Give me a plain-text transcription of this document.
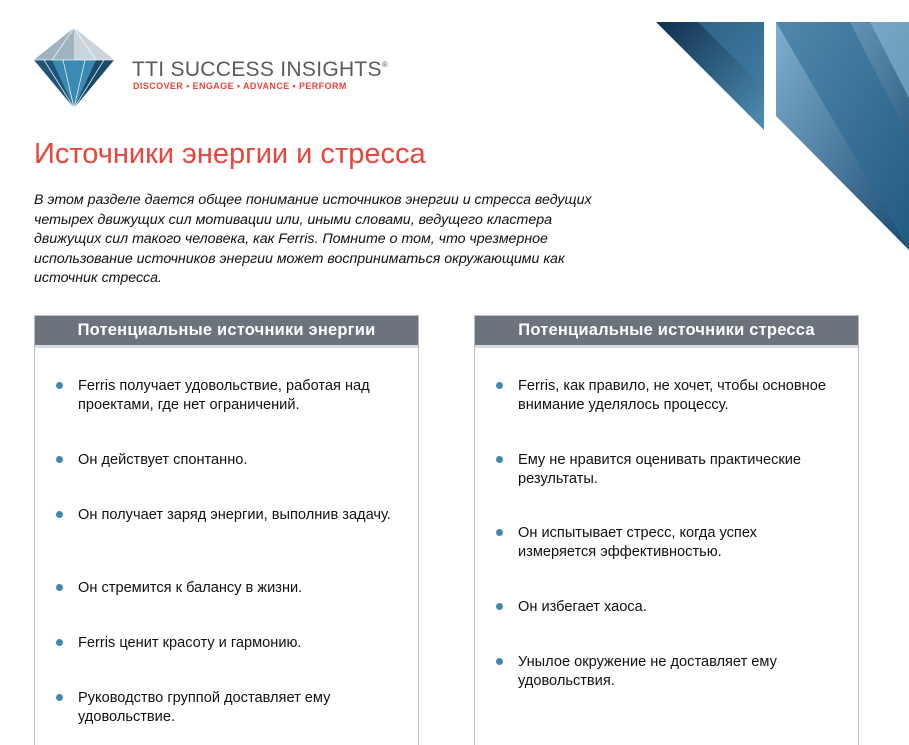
TTI SUCCESS INSIGHTS®
DISCOVER • ENGAGE • ADVANCE • PERFORM
Источники энергии и стресса

В этом разделе дается общее понимание источников энергии и стресса ведущих четырех движущих сил мотивации или, иными словами, ведущего кластера движущих сил такого человека, как Ferris. Помните о том, что чрезмерное использование источников энергии может восприниматься окружающими как источник стресса.

Потенциальные источники энергии
Ferris получает удовольствие, работая над проектами, где нет ограничений.
Он действует спонтанно.
Он получает заряд энергии, выполнив задачу.
Он стремится к балансу в жизни.
Ferris ценит красоту и гармонию.
Руководство группой доставляет ему удовольствие.
Потенциальные источники стресса
Ferris, как правило, не хочет, чтобы основное внимание уделялось процессу.
Ему не нравится оценивать практические результаты.
Он испытывает стресс, когда успех измеряется эффективностью.
Он избегает хаоса.
Унылое окружение не доставляет ему удовольствия.
